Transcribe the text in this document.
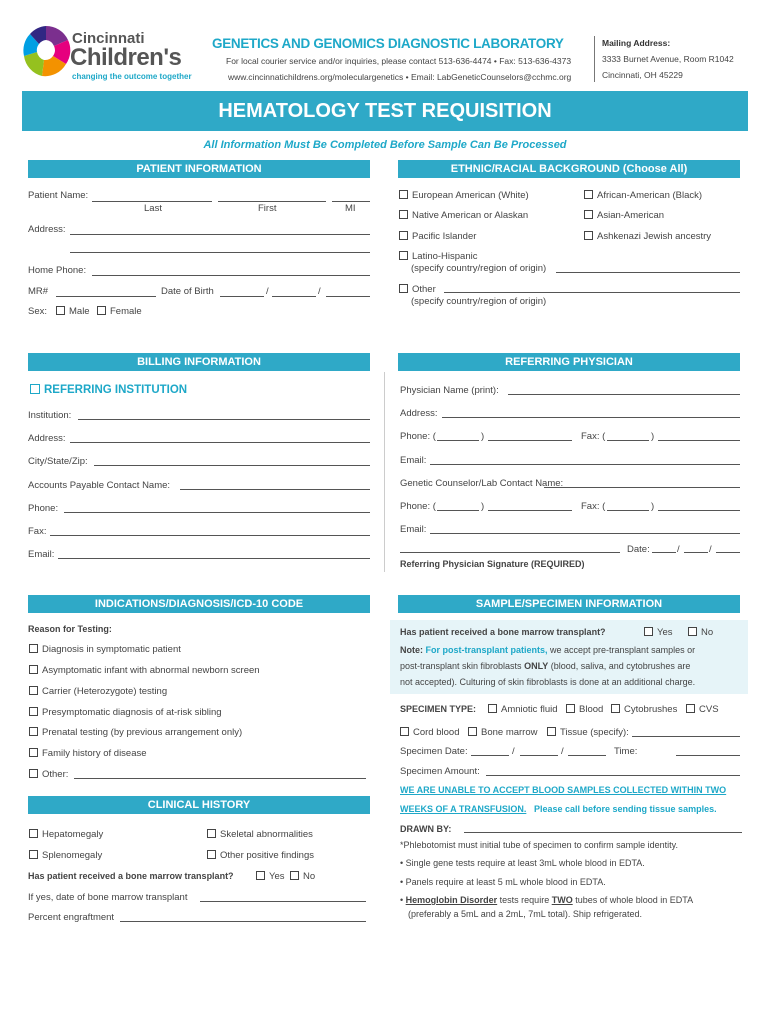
Cincinnati
Children's
changing the outcome together
GENETICS AND GENOMICS DIAGNOSTIC LABORATORY
For local courier service and/or inquiries, please contact 513-636-4474 • Fax: 513-636-4373
www.cincinnatichildrens.org/moleculargenetics • Email: LabGeneticCounselors@cchmc.org
Mailing Address:
3333 Burnet Avenue, Room R1042
Cincinnati, OH 45229
HEMATOLOGY TEST REQUISITION
All Information Must Be Completed Before Sample Can Be Processed
PATIENT INFORMATION
Patient Name:
Last	First	MI
Address:
Home Phone:
MR#	Date of Birth	/	/
Sex:	Male	Female
ETHNIC/RACIAL BACKGROUND (Choose All)
European American (White)	African-American (Black)
Native American or Alaskan	Asian-American
Pacific Islander	Ashkenazi Jewish ancestry
Latino-Hispanic
(specify country/region of origin)
Other
(specify country/region of origin)
BILLING INFORMATION
REFERRING INSTITUTION
Institution:
Address:
City/State/Zip:
Accounts Payable Contact Name:
Phone:
Fax:
Email:
REFERRING PHYSICIAN
Physician Name (print):
Address:
Phone: (	)	Fax: (	)
Email:
Genetic Counselor/Lab Contact Name:
Phone: (	)	Fax: (	)
Email:
Date:	/	/
Referring Physician Signature (REQUIRED)
INDICATIONS/DIAGNOSIS/ICD-10 CODE
Reason for Testing:
Diagnosis in symptomatic patient
Asymptomatic infant with abnormal newborn screen
Carrier (Heterozygote) testing
Presymptomatic diagnosis of at-risk sibling
Prenatal testing (by previous arrangement only)
Family history of disease
Other:
CLINICAL HISTORY
Hepatomegaly	Skeletal abnormalities
Splenomegaly	Other positive findings
Has patient received a bone marrow transplant?	Yes	No
If yes, date of bone marrow transplant
Percent engraftment
SAMPLE/SPECIMEN INFORMATION
Has patient received a bone marrow transplant?	Yes	No
Note: For post-transplant patients, we accept pre-transplant samples or
post-transplant skin fibroblasts ONLY (blood, saliva, and cytobrushes are
not accepted). Culturing of skin fibroblasts is done at an additional charge.
SPECIMEN TYPE:	Amniotic fluid	Blood	Cytobrushes	CVS
Cord blood	Bone marrow	Tissue (specify):
Specimen Date:	/	/	Time:
Specimen Amount:
WE ARE UNABLE TO ACCEPT BLOOD SAMPLES COLLECTED WITHIN TWO
WEEKS OF A TRANSFUSION. Please call before sending tissue samples.
DRAWN BY:
*Phlebotomist must initial tube of specimen to confirm sample identity.
• Single gene tests require at least 3mL whole blood in EDTA.
• Panels require at least 5 mL whole blood in EDTA.
• Hemoglobin Disorder tests require TWO tubes of whole blood in EDTA
(preferably a 5mL and a 2mL, 7mL total). Ship refrigerated.
